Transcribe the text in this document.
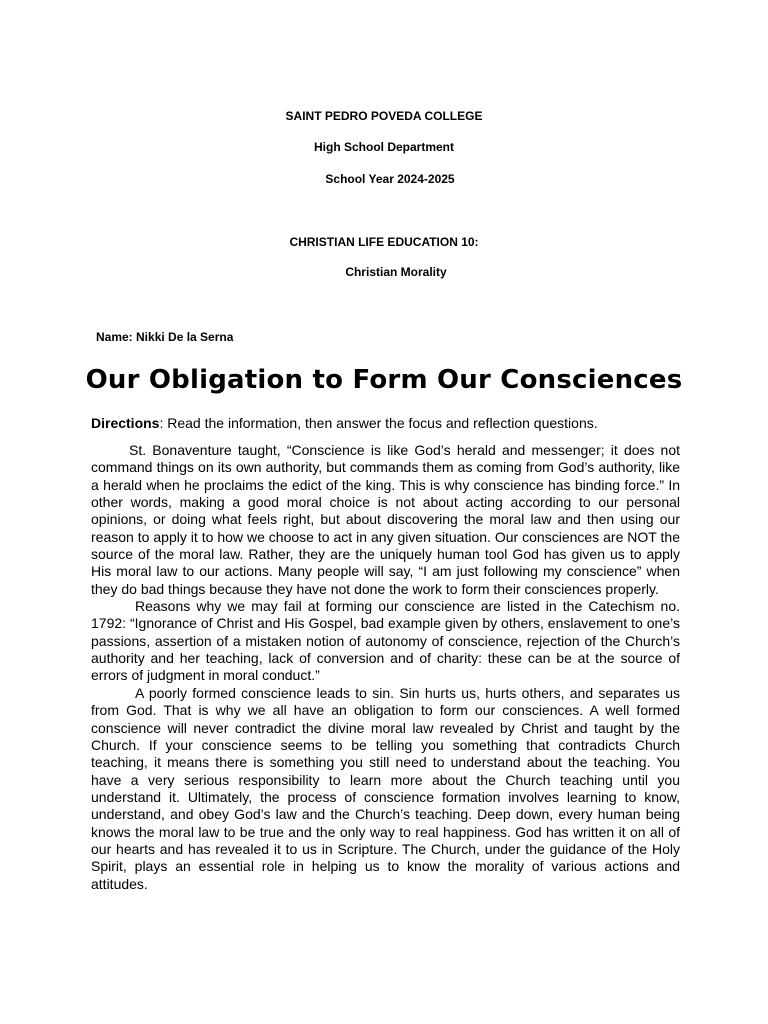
SAINT PEDRO POVEDA COLLEGE
High School Department
School Year 2024-2025
CHRISTIAN LIFE EDUCATION 10:
Christian Morality
Name: Nikki De la Serna
Our Obligation to Form Our Consciences
Directions: Read the information, then answer the focus and reflection questions.

St. Bonaventure taught, “Conscience is like God’s herald and messenger; it does not command things on its own authority, but commands them as coming from God’s authority, like a herald when he proclaims the edict of the king. This is why conscience has binding force.” In other words, making a good moral choice is not about acting according to our personal opinions, or doing what feels right, but about discovering the moral law and then using our reason to apply it to how we choose to act in any given situation. Our consciences are NOT the source of the moral law. Rather, they are the uniquely human tool God has given us to apply His moral law to our actions. Many people will say, “I am just following my conscience” when they do bad things because they have not done the work to form their consciences properly.

Reasons why we may fail at forming our conscience are listed in the Catechism no. 1792: “Ignorance of Christ and His Gospel, bad example given by others, enslavement to one’s passions, assertion of a mistaken notion of autonomy of conscience, rejection of the Church’s authority and her teaching, lack of conversion and of charity: these can be at the source of errors of judgment in moral conduct.”

A poorly formed conscience leads to sin. Sin hurts us, hurts others, and separates us from God. That is why we all have an obligation to form our consciences. A well formed conscience will never contradict the divine moral law revealed by Christ and taught by the Church. If your conscience seems to be telling you something that contradicts Church teaching, it means there is something you still need to understand about the teaching. You have a very serious responsibility to learn more about the Church teaching until you understand it. Ultimately, the process of conscience formation involves learning to know, understand, and obey God’s law and the Church’s teaching. Deep down, every human being knows the moral law to be true and the only way to real happiness. God has written it on all of our hearts and has revealed it to us in Scripture. The Church, under the guidance of the Holy Spirit, plays an essential role in helping us to know the morality of various actions and attitudes.
